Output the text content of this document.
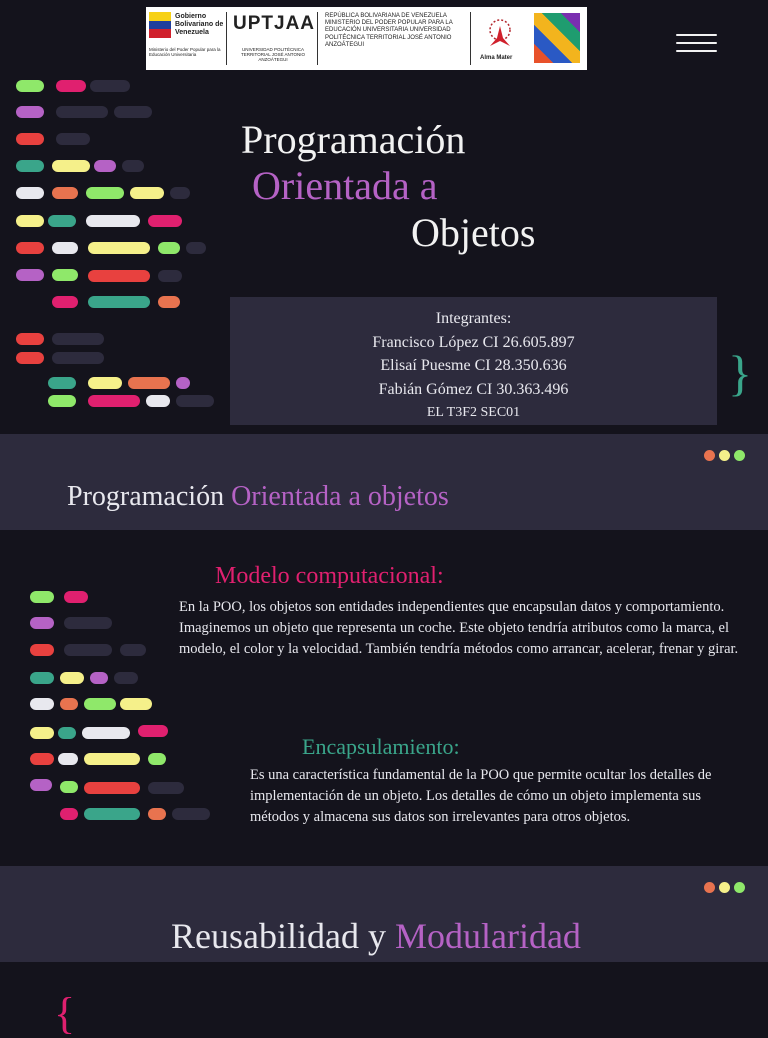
Gobierno Bolivariano de Venezuela
Ministerio del Poder Popular para la Educación Universitaria
UPTJAA
UNIVERSIDAD POLITÉCNICA TERRITORIAL JOSÉ ANTONIO ANZOÁTEGUI
REPÚBLICA BOLIVARIANA DE VENEZUELA MINISTERIO DEL PODER POPULAR PARA LA EDUCACIÓN UNIVERSITARIA UNIVERSIDAD POLITÉCNICA TERRITORIAL JOSÉ ANTONIO ANZOÁTEGUI
Alma Mater
Programación
Orientada a
Objetos
Integrantes:
Francisco López CI 26.605.897
Elisaí Puesme CI 28.350.636
Fabián Gómez CI 30.363.496
EL T3F2 SEC01
}
Programación Orientada a objetos
Modelo computacional:
En la POO, los objetos son entidades independientes que encapsulan datos y comportamiento. Imaginemos un objeto que representa un coche. Este objeto tendría atributos como la marca, el modelo, el color y la velocidad. También tendría métodos como arrancar, acelerar, frenar y girar.
Encapsulamiento:
Es una característica fundamental de la POO que permite ocultar los detalles de implementación de un objeto. Los detalles de cómo un objeto implementa sus métodos y almacena sus datos son irrelevantes para otros objetos.
Reusabilidad y Modularidad
{
